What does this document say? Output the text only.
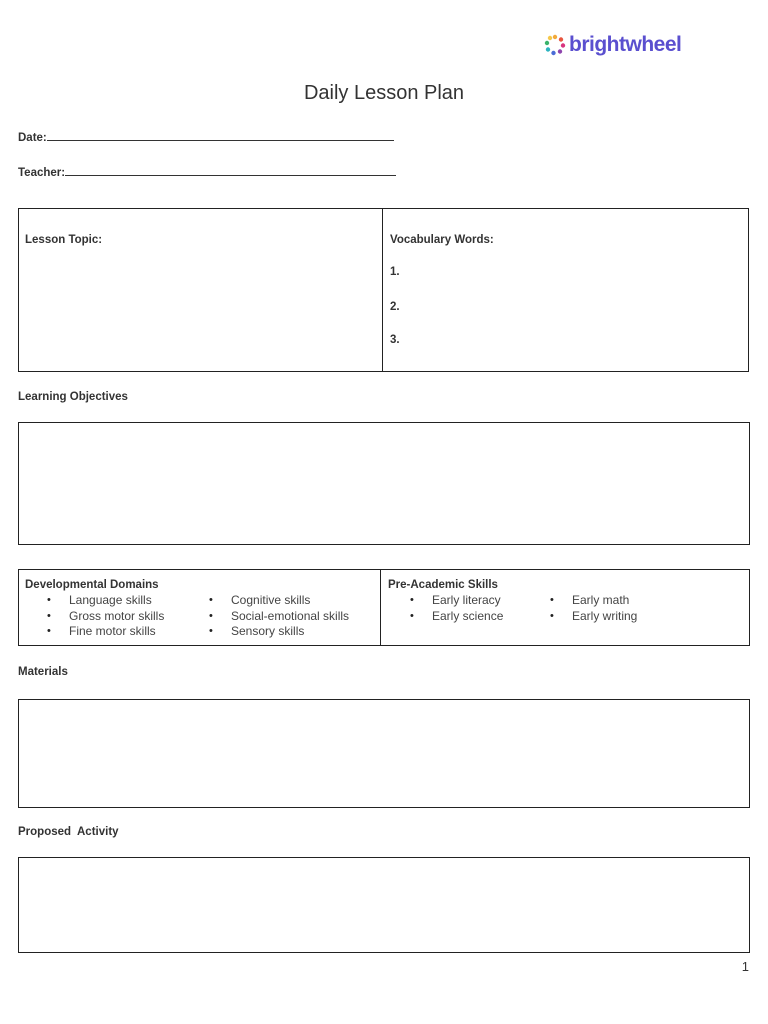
brightwheel
Daily Lesson Plan
Date:
Teacher:
Lesson Topic:	Vocabulary Words:
1.
2.
3.
Learning Objectives
Developmental Domains
• Language skills
• Gross motor skills
• Fine motor skills
• Cognitive skills
• Social-emotional skills
• Sensory skills
Pre-Academic Skills
• Early literacy
• Early science
• Early math
• Early writing
Materials
Proposed  Activity
1
